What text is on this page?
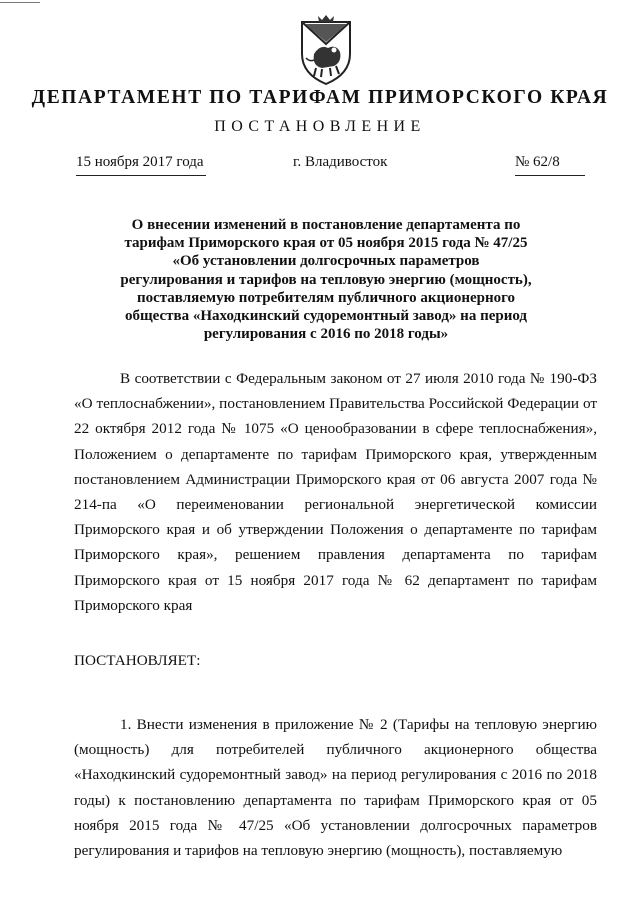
ДЕПАРТАМЕНТ ПО ТАРИФАМ ПРИМОРСКОГО КРАЯ
ПОСТАНОВЛЕНИЕ
15 ноября 2017 года	г. Владивосток	№ 62/8
О внесении изменений в постановление департамента по тарифам Приморского края от 05 ноября 2015 года № 47/25 «Об установлении долгосрочных параметров регулирования и тарифов на тепловую энергию (мощность), поставляемую потребителям публичного акционерного общества «Находкинский судоремонтный завод» на период регулирования с 2016 по 2018 годы»

В соответствии с Федеральным законом от 27 июля 2010 года № 190-ФЗ «О теплоснабжении», постановлением Правительства Российской Федерации от 22 октября 2012 года № 1075 «О ценообразовании в сфере теплоснабжения», Положением о департаменте по тарифам Приморского края, утвержденным постановлением Администрации Приморского края от 06 августа 2007 года № 214-па «О переименовании региональной энергетической комиссии Приморского края и об утверждении Положения о департаменте по тарифам Приморского края», решением правления департамента по тарифам Приморского края от 15 ноября 2017 года № 62 департамент по тарифам Приморского края

ПОСТАНОВЛЯЕТ:

1. Внести изменения в приложение № 2 (Тарифы на тепловую энергию (мощность) для потребителей публичного акционерного общества «Находкинский судоремонтный завод» на период регулирования с 2016 по 2018 годы) к постановлению департамента по тарифам Приморского края от 05 ноября 2015 года № 47/25 «Об установлении долгосрочных параметров регулирования и тарифов на тепловую энергию (мощность), поставляемую
